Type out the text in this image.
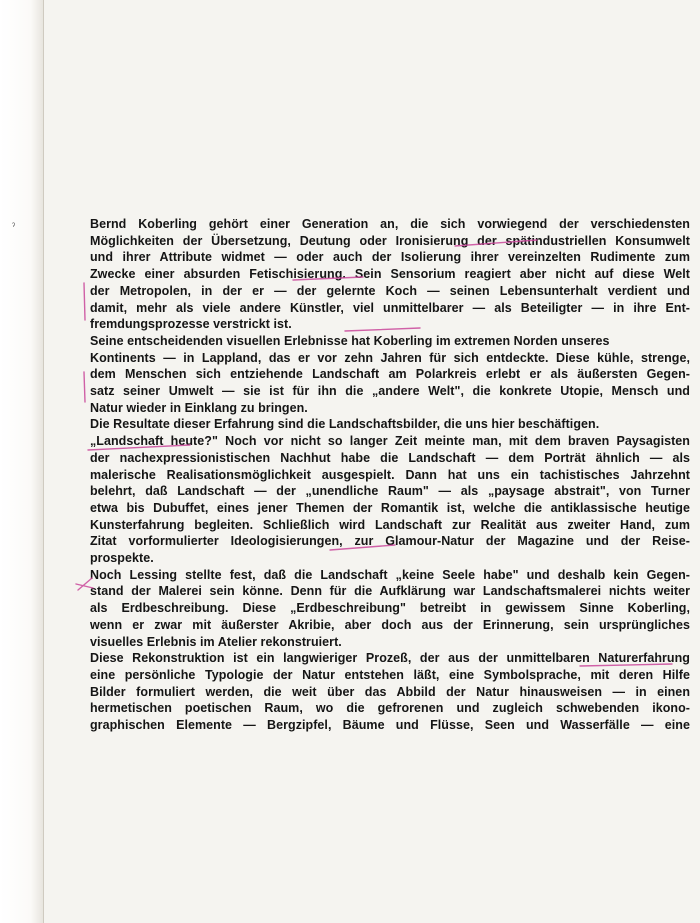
ˀ	Bernd Koberling gehört einer Generation an, die sich vorwiegend der verschiedensten
Möglichkeiten der Übersetzung, Deutung oder Ironisierung der spätindustriellen Konsumwelt
und ihrer Attribute widmet — oder auch der Isolierung ihrer vereinzelten Rudimente zum
Zwecke einer absurden Fetischisierung. Sein Sensorium reagiert aber nicht auf diese Welt
der Metropolen, in der er — der gelernte Koch — seinen Lebensunterhalt verdient und
damit, mehr als viele andere Künstler, viel unmittelbarer — als Beteiligter — in ihre Ent-
fremdungsprozesse verstrickt ist.
Seine entscheidenden visuellen Erlebnisse hat Koberling im extremen Norden unseres
Kontinents — in Lappland, das er vor zehn Jahren für sich entdeckte. Diese kühle, strenge,
dem Menschen sich entziehende Landschaft am Polarkreis erlebt er als äußersten Gegen-
satz seiner Umwelt — sie ist für ihn die „andere Welt", die konkrete Utopie, Mensch und
Natur wieder in Einklang zu bringen.
Die Resultate dieser Erfahrung sind die Landschaftsbilder, die uns hier beschäftigen.
„Landschaft heute?" Noch vor nicht so langer Zeit meinte man, mit dem braven Paysagisten
der nachexpressionistischen Nachhut habe die Landschaft — dem Porträt ähnlich — als
malerische Realisationsmöglichkeit ausgespielt. Dann hat uns ein tachistisches Jahrzehnt
belehrt, daß Landschaft — der „unendliche Raum" — als „paysage abstrait", von Turner
etwa bis Dubuffet, eines jener Themen der Romantik ist, welche die antiklassische heutige
Kunsterfahrung begleiten. Schließlich wird Landschaft zur Realität aus zweiter Hand, zum
Zitat vorformulierter Ideologisierungen, zur Glamour-Natur der Magazine und der Reise-
prospekte.
Noch Lessing stellte fest, daß die Landschaft „keine Seele habe" und deshalb kein Gegen-
stand der Malerei sein könne. Denn für die Aufklärung war Landschaftsmalerei nichts weiter
als Erdbeschreibung. Diese „Erdbeschreibung" betreibt in gewissem Sinne Koberling,
wenn er zwar mit äußerster Akribie, aber doch aus der Erinnerung, sein ursprüngliches
visuelles Erlebnis im Atelier rekonstruiert.
Diese Rekonstruktion ist ein langwieriger Prozeß, der aus der unmittelbaren Naturerfahrung
eine persönliche Typologie der Natur entstehen läßt, eine Symbolsprache, mit deren Hilfe
Bilder formuliert werden, die weit über das Abbild der Natur hinausweisen — in einen
hermetischen poetischen Raum, wo die gefrorenen und zugleich schwebenden ikono-
graphischen Elemente — Bergzipfel, Bäume und Flüsse, Seen und Wasserfälle — eine
